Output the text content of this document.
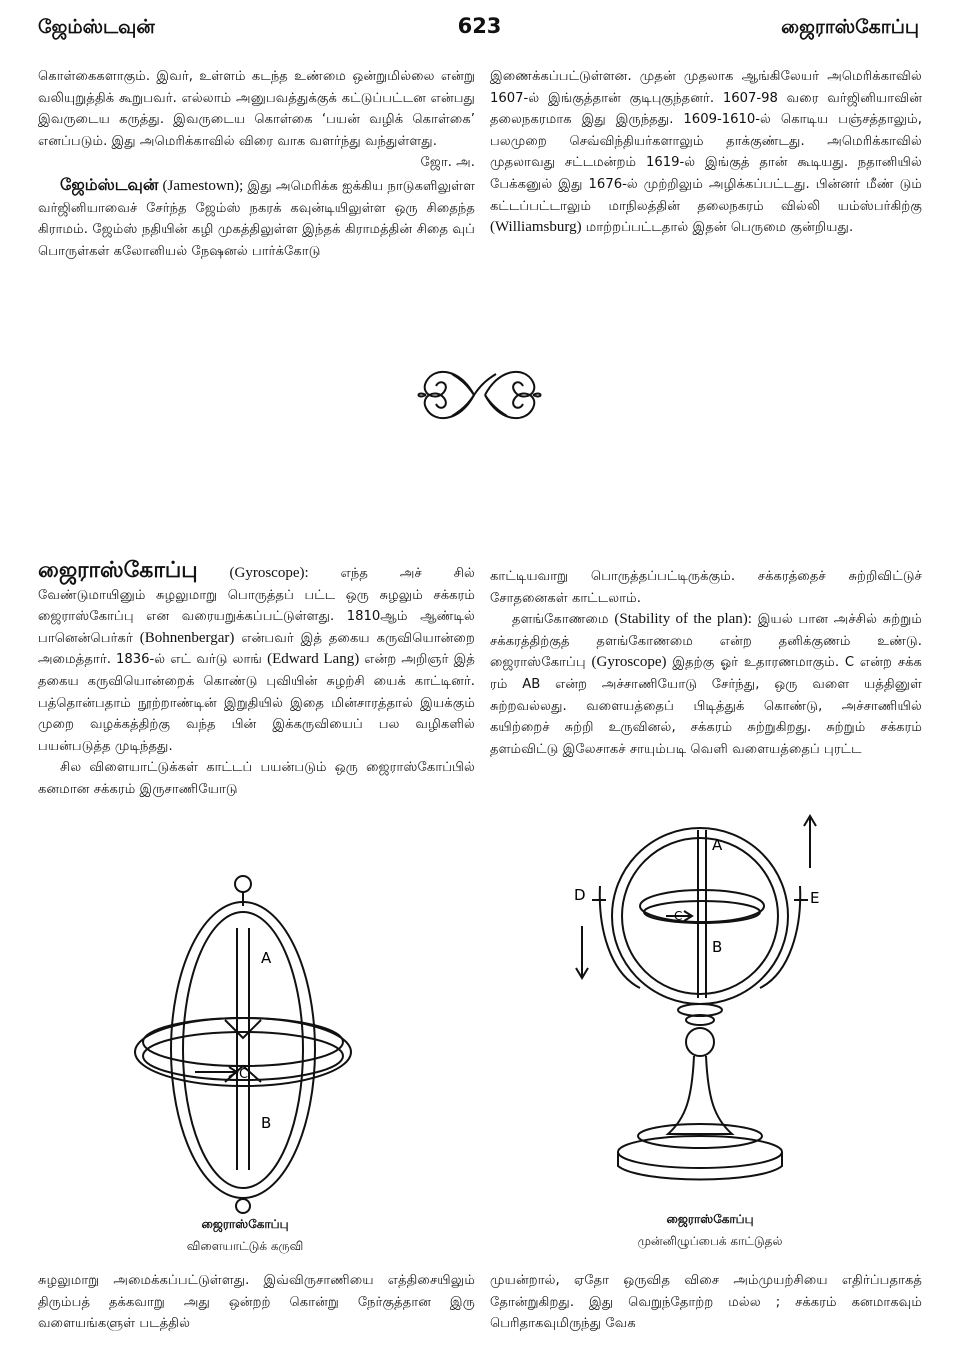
ஜேம்ஸ்டவுன்	623	ஜைராஸ்கோப்பு

கொள்கைகளாகும். இவர், உள்ளம் கடந்த உண்மை ஒன்றுமில்லை என்று வலியுறுத்திக் கூறுபவர். எல்லாம் அனுபவத்துக்குக் கட்டுப்பட்டன என்பது இவருடைய கருத்து. இவருடைய கொள்கை ‘பயன் வழிக் கொள்கை’ எனப்படும். இது அமெரிக்காவில் விரை வாக வளர்ந்து வந்துள்ளது.

ஜோ. அ.

ஜேம்ஸ்டவுன் (Jamestown); இது அமெரிக்க ஐக்கிய நாடுகளிலுள்ள வர்ஜினியாவைச் சேர்ந்த ஜேம்ஸ் நகரக் கவுன்டியிலுள்ள ஒரு சிதைந்த கிராமம். ஜேம்ஸ் நதியின் கழி முகத்திலுள்ள இந்தக் கிராமத்தின் சிதை வுப் பொருள்கள் கலோனியல் நேஷனல் பார்க்கோடு

இணைக்கப்பட்டுள்ளன. முதன் முதலாக ஆங்கிலேயர் அமெரிக்காவில் 1607-ல் இங்குத்தான் குடிபுகுந்தனர். 1607-98 வரை வர்ஜினியாவின் தலைநகரமாக இது இருந்தது. 1609-1610-ல் கொடிய பஞ்சத்தாலும், பலமுறை செவ்விந்தியர்களாலும் தாக்குண்டது. அமெரிக்காவில் முதலாவது சட்டமன்றம் 1619-ல் இங்குத் தான் கூடியது. நதானியில் பேக்கனுல் இது 1676-ல் முற்றிலும் அழிக்கப்பட்டது. பின்னர் மீண் டும் கட்டப்பட்டாலும் மாநிலத்தின் தலைநகரம் வில்லி யம்ஸ்பர்கிற்கு (Williamsburg) மாற்றப்பட்டதால் இதன் பெருமை குன்றியது.

ஜைராஸ்கோப்பு (Gyroscope): எந்த அச் சில் வேண்டுமாயினும் சுழலுமாறு பொருத்தப் பட்ட ஒரு சுழலும் சக்கரம் ஜைராஸ்கோப்பு என வரையறுக்கப்பட்டுள்ளது. 1810ஆம் ஆண்டில் பானென்பெர்கர் (Bohnenbergar) என்பவர் இத் தகைய கருவியொன்றை அமைத்தார். 1836-ல் எட் வர்டு லாங் (Edward Lang) என்ற அறிஞர் இத் தகைய கருவியொன்றைக் கொண்டு புவியின் சுழற்சி யைக் காட்டினர். பத்தொன்பதாம் நூற்றாண்டின் இறுதியில் இதை மின்சாரத்தால் இயக்கும் முறை வழக்கத்திற்கு வந்த பின் இக்கருவியைப் பல வழிகளில் பயன்படுத்த முடிந்தது.

சில விளையாட்டுக்கள் காட்டப் பயன்படும் ஒரு ஜைராஸ்கோப்பில் கனமான சக்கரம் இருசாணியோடு

காட்டியவாறு பொருத்தப்பட்டிருக்கும். சக்கரத்தைச் சுற்றிவிட்டுச் சோதனைகள் காட்டலாம்.

தளங்கோணமை (Stability of the plan): இயல் பான அச்சில் சுற்றும் சக்கரத்திற்குத் தளங்கோணமை என்ற தனிக்குணம் உண்டு. ஜைராஸ்கோப்பு (Gyroscope) இதற்கு ஓர் உதாரணமாகும். C என்ற சக்க ரம் AB என்ற அச்சாணியோடு சேர்ந்து, ஒரு வளை யத்தினுள் சுற்றவல்லது. வளையத்தைப் பிடித்துக் கொண்டு, அச்சாணியில் கயிற்றைச் சுற்றி உருவினல், சக்கரம் சுற்றுகிறது. சுற்றும் சக்கரம் தளம்விட்டு இலேசாகச் சாயும்படி வெளி வளையத்தைப் புரட்ட

A
C
B
ஜைராஸ்கோப்பு
விளையாட்டுக் கருவி
A
C
B
D	E
ஜைராஸ்கோப்பு
முன்னிழுப்பைக் காட்டுதல்

சுழலுமாறு அமைக்கப்பட்டுள்ளது. இவ்விருசாணியை எத்திசையிலும் திரும்பத் தக்கவாறு அது ஒன்றற் கொன்று நேர்குத்தான இரு வளையங்களுள் படத்தில்

முயன்றால், ஏதோ ஒருவித விசை அம்முயற்சியை எதிர்ப்பதாகத் தோன்றுகிறது. இது வெறுந்தோற்ற மல்ல ; சக்கரம் கனமாகவும் பெரிதாகவுமிருந்து வேக
